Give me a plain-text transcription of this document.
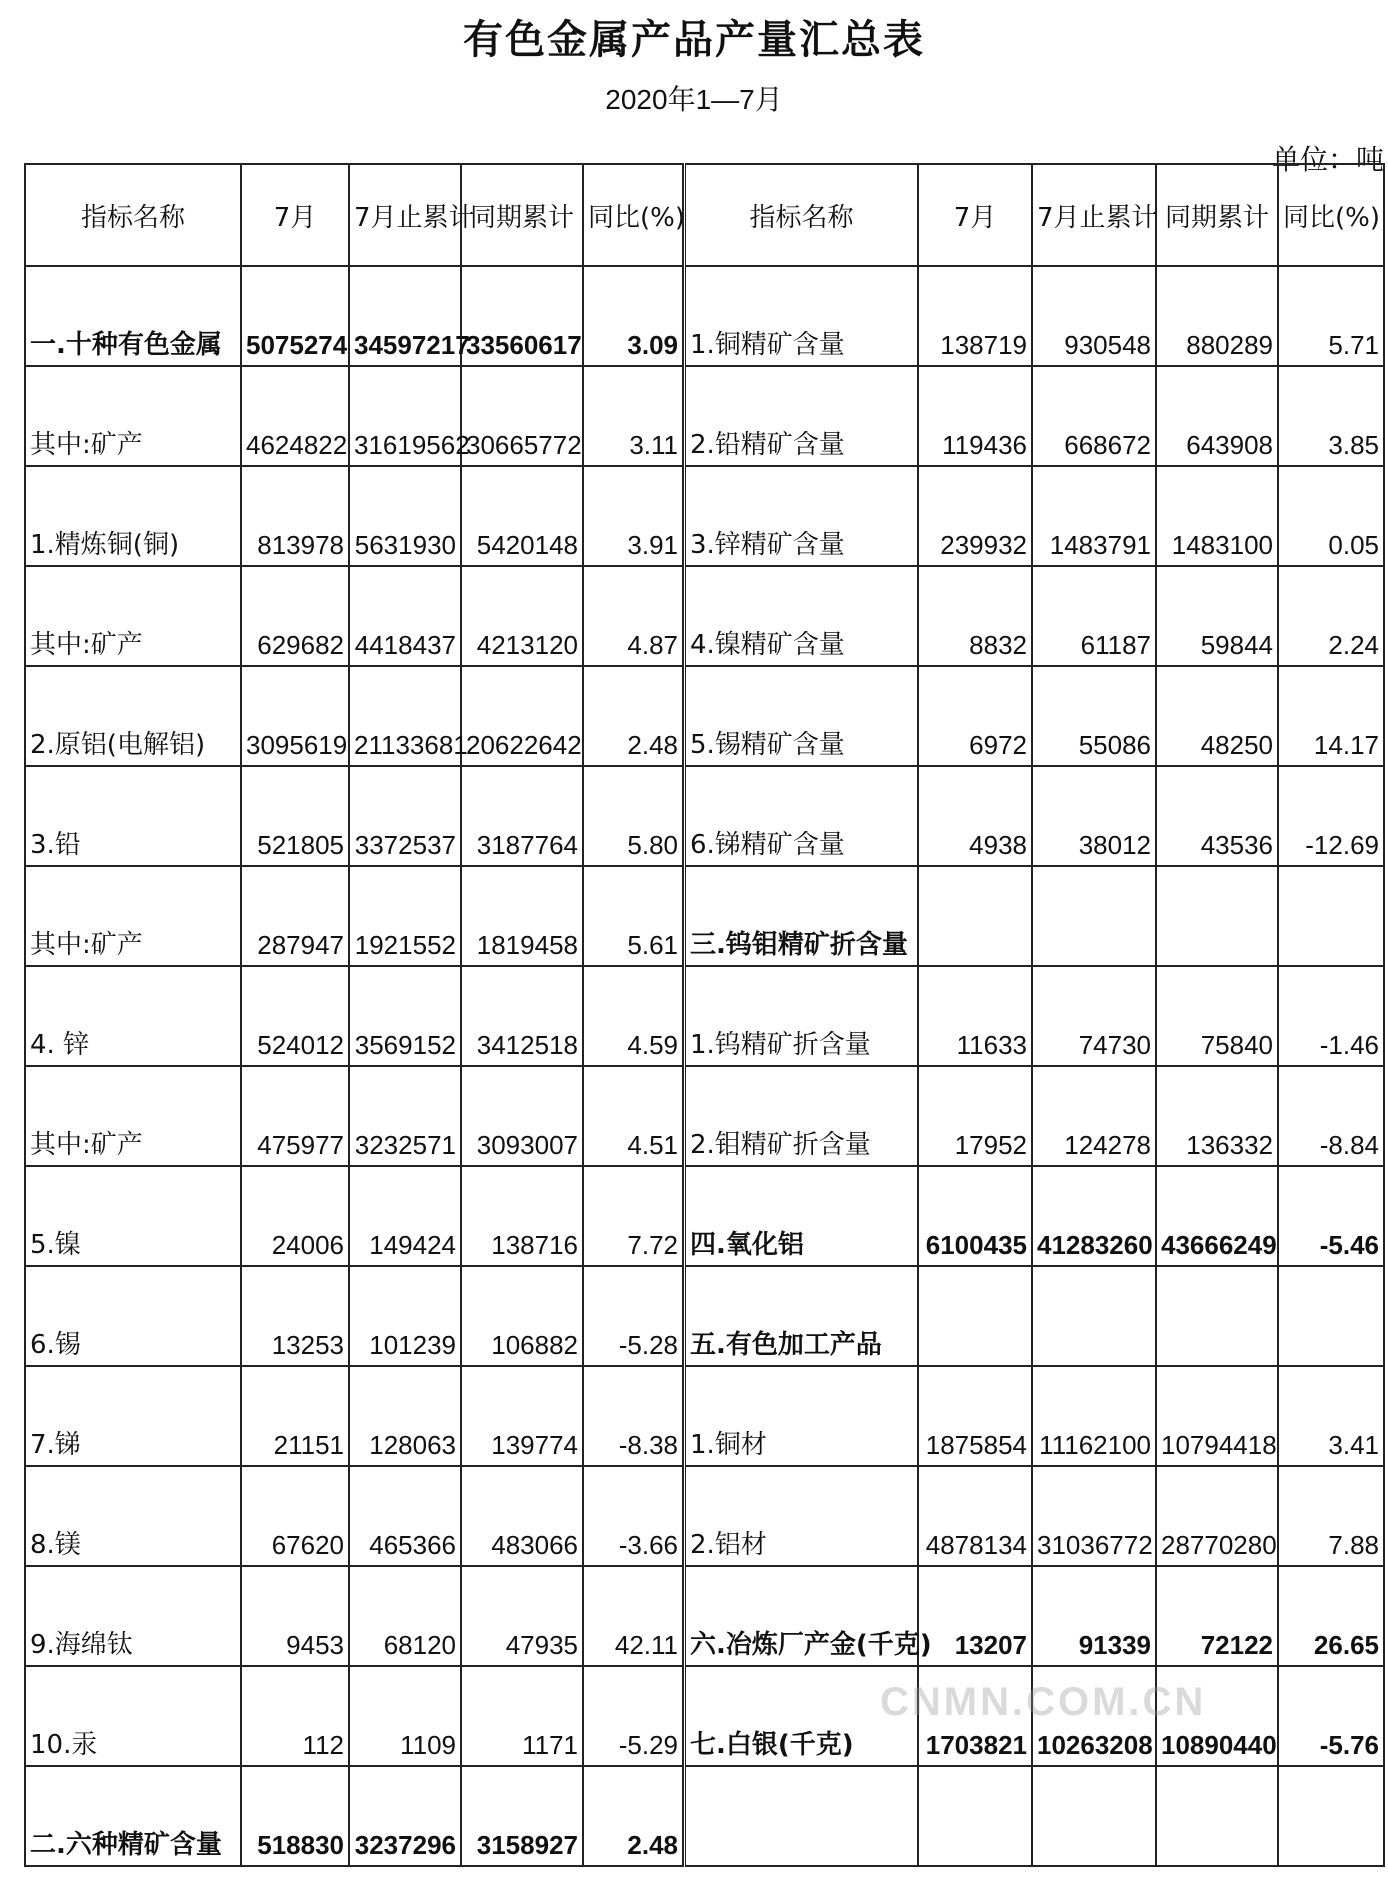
有色金属产品产量汇总表
2020年1—7月
单位：吨
指标名称	7月	7月止累计	同期累计	同比(%)
一.十种有色金属	5075274	34597217	33560617	3.09
其中:矿产	4624822	31619562	30665772	3.11
1.精炼铜(铜)	813978	5631930	5420148	3.91
其中:矿产	629682	4418437	4213120	4.87
2.原铝(电解铝)	3095619	21133681	20622642	2.48
3.铅	521805	3372537	3187764	5.80
其中:矿产	287947	1921552	1819458	5.61
4. 锌	524012	3569152	3412518	4.59
其中:矿产	475977	3232571	3093007	4.51
5.镍	24006	149424	138716	7.72
6.锡	13253	101239	106882	-5.28
7.锑	21151	128063	139774	-8.38
8.镁	67620	465366	483066	-3.66
9.海绵钛	9453	68120	47935	42.11
10.汞	112	1109	1171	-5.29
二.六种精矿含量	518830	3237296	3158927	2.48
指标名称	7月	7月止累计	同期累计	同比(%)
1.铜精矿含量	138719	930548	880289	5.71
2.铅精矿含量	119436	668672	643908	3.85
3.锌精矿含量	239932	1483791	1483100	0.05
4.镍精矿含量	8832	61187	59844	2.24
5.锡精矿含量	6972	55086	48250	14.17
6.锑精矿含量	4938	38012	43536	-12.69
三.钨钼精矿折含量				
1.钨精矿折含量	11633	74730	75840	-1.46
2.钼精矿折含量	17952	124278	136332	-8.84
四.氧化铝	6100435	41283260	43666249	-5.46
五.有色加工产品				
1.铜材	1875854	11162100	10794418	3.41
2.铝材	4878134	31036772	28770280	7.88
六.冶炼厂产金(千克)	13207	91339	72122	26.65
七.白银(千克)	1703821	10263208	10890440	-5.76

CNMN.COM.CN
